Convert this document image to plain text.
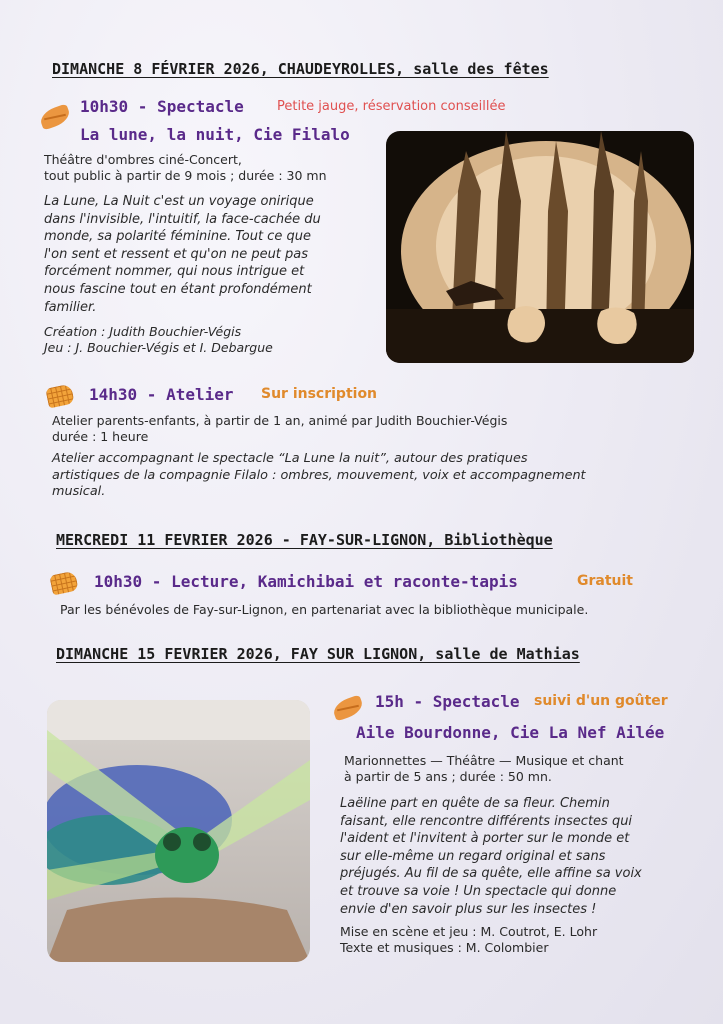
DIMANCHE 8 FÉVRIER 2026, CHAUDEYROLLES, salle des fêtes
10h30 - Spectacle	Petite jauge, réservation conseillée
La lune, la nuit, Cie Filalo
Théâtre d'ombres ciné-Concert,
tout public à partir de 9 mois ; durée : 30 mn
La Lune, La Nuit c'est un voyage onirique
dans l'invisible, l'intuitif, la face-cachée du
monde, sa polarité féminine. Tout ce que
l'on sent et ressent et qu'on ne peut pas
forcément nommer, qui nous intrigue et
nous fascine tout en étant profondément
familier.
Création : Judith Bouchier-Végis
Jeu : J. Bouchier-Végis et I. Debargue
14h30 - Atelier Sur inscription
Atelier parents-enfants, à partir de 1 an, animé par Judith Bouchier-Végis
durée : 1 heure
Atelier accompagnant le spectacle “La Lune la nuit”, autour des pratiques
artistiques de la compagnie Filalo : ombres, mouvement, voix et accompagnement
musical.
MERCREDI 11 FEVRIER 2026 - FAY-SUR-LIGNON, Bibliothèque
10h30 - Lecture, Kamichibai et raconte-tapis	Gratuit
Par les bénévoles de Fay-sur-Lignon, en partenariat avec la bibliothèque municipale.
DIMANCHE 15 FEVRIER 2026, FAY SUR LIGNON, salle de Mathias
15h - Spectacle suivi d'un goûter
Aile Bourdonne, Cie La Nef Ailée
Marionnettes — Théâtre — Musique et chant
à partir de 5 ans ; durée : 50 mn.
Laëline part en quête de sa fleur. Chemin
faisant, elle rencontre différents insectes qui
l'aident et l'invitent à porter sur le monde et
sur elle-même un regard original et sans
préjugés. Au fil de sa quête, elle affine sa voix
et trouve sa voie ! Un spectacle qui donne
envie d'en savoir plus sur les insectes !
Mise en scène et jeu : M. Coutrot, E. Lohr
Texte et musiques : M. Colombier
